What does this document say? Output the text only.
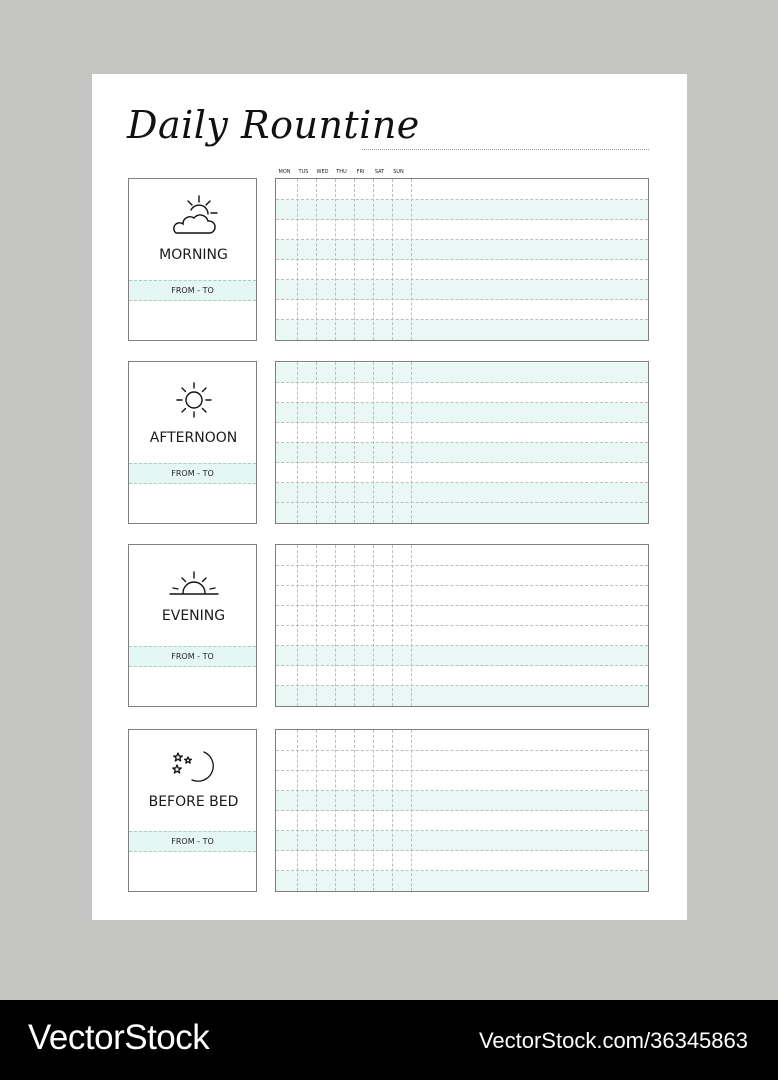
Daily Rountine
MON	TUS	WED	THU	FRI	SAT	SUN
MORNING
FROM - TO
AFTERNOON
FROM - TO
EVENING
FROM - TO
BEFORE BED
FROM - TO
VectorStock	VectorStock.com/36345863
